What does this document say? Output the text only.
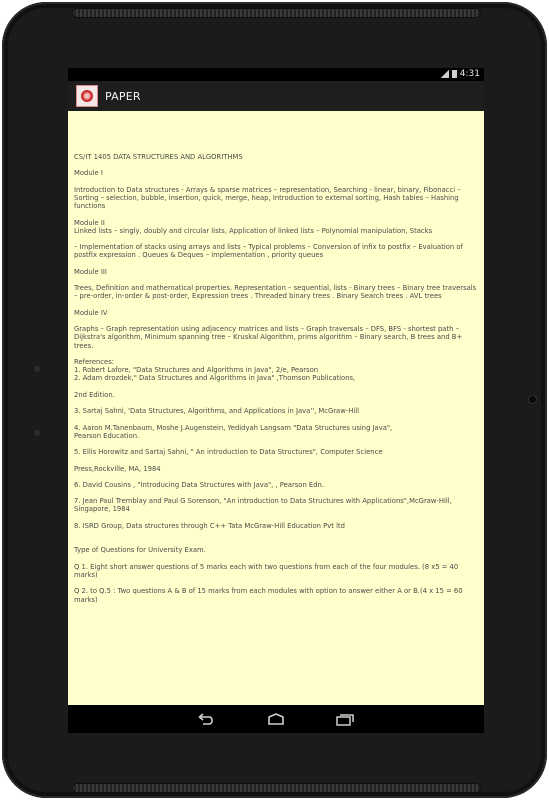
4:31
PAPER

CS/IT 1405 DATA STRUCTURES AND ALGORITHMS

Module I

Introduction to Data structures - Arrays & sparse matrices – representation, Searching - linear, binary, Fibonacci – Sorting – selection, bubble, insertion, quick, merge, heap, Introduction to external sorting, Hash tables – Hashing functions

Module II

Linked lists – singly, doubly and circular lists, Application of linked lists – Polynomial manipulation, Stacks

– Implementation of stacks using arrays and lists – Typical problems – Conversion of infix to postfix – Evaluation of postfix expression . Queues & Deques – implementation , priority queues

Module III

Trees, Definition and mathematical properties. Representation – sequential, lists - Binary trees – Binary tree traversals – pre-order, in-order & post-order, Expression trees . Threaded binary trees . Binary Search trees . AVL trees

Module IV

Graphs – Graph representation using adjacency matrices and lists – Graph traversals – DFS, BFS - shortest path – Dijkstra's algorithm, Minimum spanning tree – Kruskal Algorithm, prims algorithm – Binary search, B trees and B+ trees.

References:

1. Robert Lafore, "Data Structures and Algorithms in Java", 2/e, Pearson

2. Adam drozdek," Data Structures and Algorithms in Java" ,Thomson Publications,

2nd Edition.

3. Sartaj Sahni, 'Data Structures, Algorithms, and Applications in Java'', McGraw-Hill

4. Aaron M.Tanenbaum, Moshe J.Augenstein, Yedidyah Langsam "Data Structures using Java",

Pearson Education.

5. Ellis Horowitz and Sartaj Sahni, " An introduction to Data Structures", Computer Science

Press,Rockville, MA, 1984

6. David Cousins , "Introducing Data Structures with Java", , Pearson Edn.

7. Jean Paul Tremblay and Paul G Sorenson, "An introduction to Data Structures with Applications",McGraw-Hill, Singapore, 1984

8. ISRD Group, Data structures through C++ Tata McGraw-Hill Education Pvt ltd

Type of Questions for University Exam.

Q 1. Eight short answer questions of 5 marks each with two questions from each of the four modules. (8 x5 = 40 marks)

Q 2. to Q.5 : Two questions A & B of 15 marks from each modules with option to answer either A or B.(4 x 15 = 60 marks)
